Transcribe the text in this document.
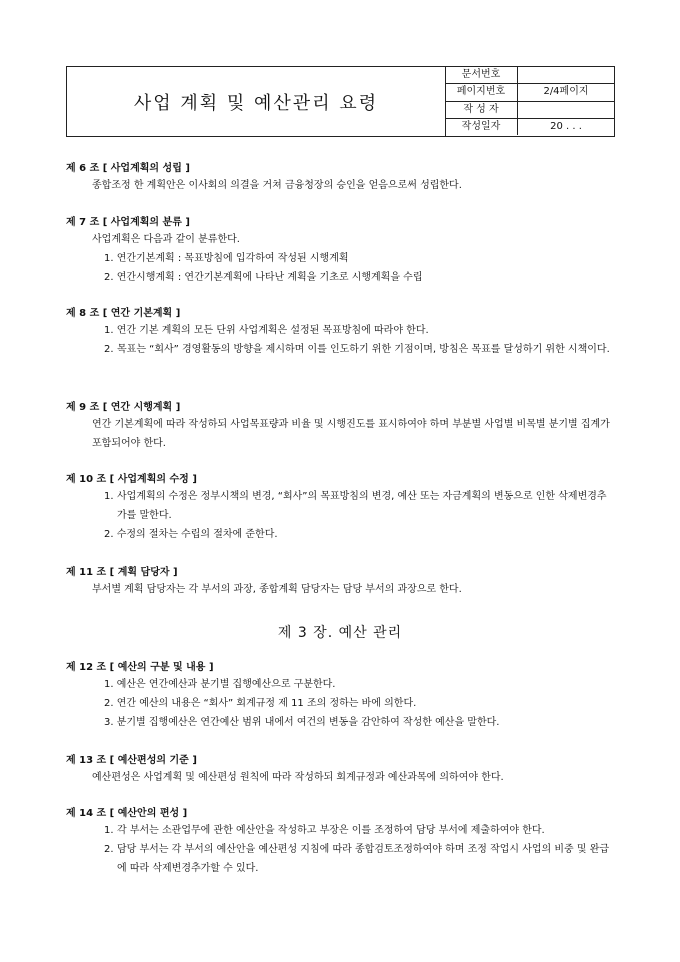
사업 계획 및 예산관리 요령
문서번호	
페이지번호	2/4페이지
작 성 자	
작성일자	20 . . .
제 6 조 [ 사업계획의 성립 ]
종합조정 한 계획안은 이사회의 의결을 거쳐 금융청장의 승인을 얻음으로써 성립한다.
제 7 조 [ 사업계획의 분류 ]
사업계획은 다음과 같이 분류한다.
1. 연간기본계획 : 목표방침에 입각하여 작성된 시행계획
2. 연간시행계획 : 연간기본계획에 나타난 계획을 기초로 시행계획을 수립
제 8 조 [ 연간 기본계획 ]
1. 연간 기본 계획의 모든 단위 사업계획은 설정된 목표방침에 따라야 한다.
2. 목표는 “회사” 경영활동의 방향을 제시하며 이를 인도하기 위한 기점이며, 방침은 목표를 달성하기 위한 시책이다.
제 9 조 [ 연간 시행계획 ]
연간 기본계획에 따라 작성하되 사업목표량과 비율 및 시행진도를 표시하여야 하며 부분별 사업별 비목별 분기별 집계가 포함되어야 한다.
제 10 조 [ 사업계획의 수정 ]
1. 사업계획의 수정은 정부시책의 변경, “회사”의 목표방침의 변경, 예산 또는 자금계획의 변동으로 인한 삭제변경추가를 말한다.
2. 수정의 절차는 수립의 절차에 준한다.
제 11 조 [ 계획 담당자 ]
부서별 계획 담당자는 각 부서의 과장, 종합계획 담당자는 담당 부서의 과장으로 한다.
제 3 장. 예산 관리
제 12 조 [ 예산의 구분 및 내용 ]
1. 예산은 연간예산과 분기별 집행예산으로 구분한다.
2. 연간 예산의 내용은 “회사” 회계규정 제 11 조의 정하는 바에 의한다.
3. 분기별 집행예산은 연간예산 범위 내에서 여건의 변동을 감안하여 작성한 예산을 말한다.
제 13 조 [ 예산편성의 기준 ]
예산편성은 사업계획 및 예산편성 원칙에 따라 작성하되 회계규정과 예산과목에 의하여야 한다.
제 14 조 [ 예산안의 편성 ]
1. 각 부서는 소관업무에 관한 예산안을 작성하고 부장은 이를 조정하여 담당 부서에 제출하여야 한다.
2. 담당 부서는 각 부서의 예산안을 예산편성 지침에 따라 종합검토조정하여야 하며 조정 작업시 사업의 비중 및 완급에 따라 삭제변경추가할 수 있다.
